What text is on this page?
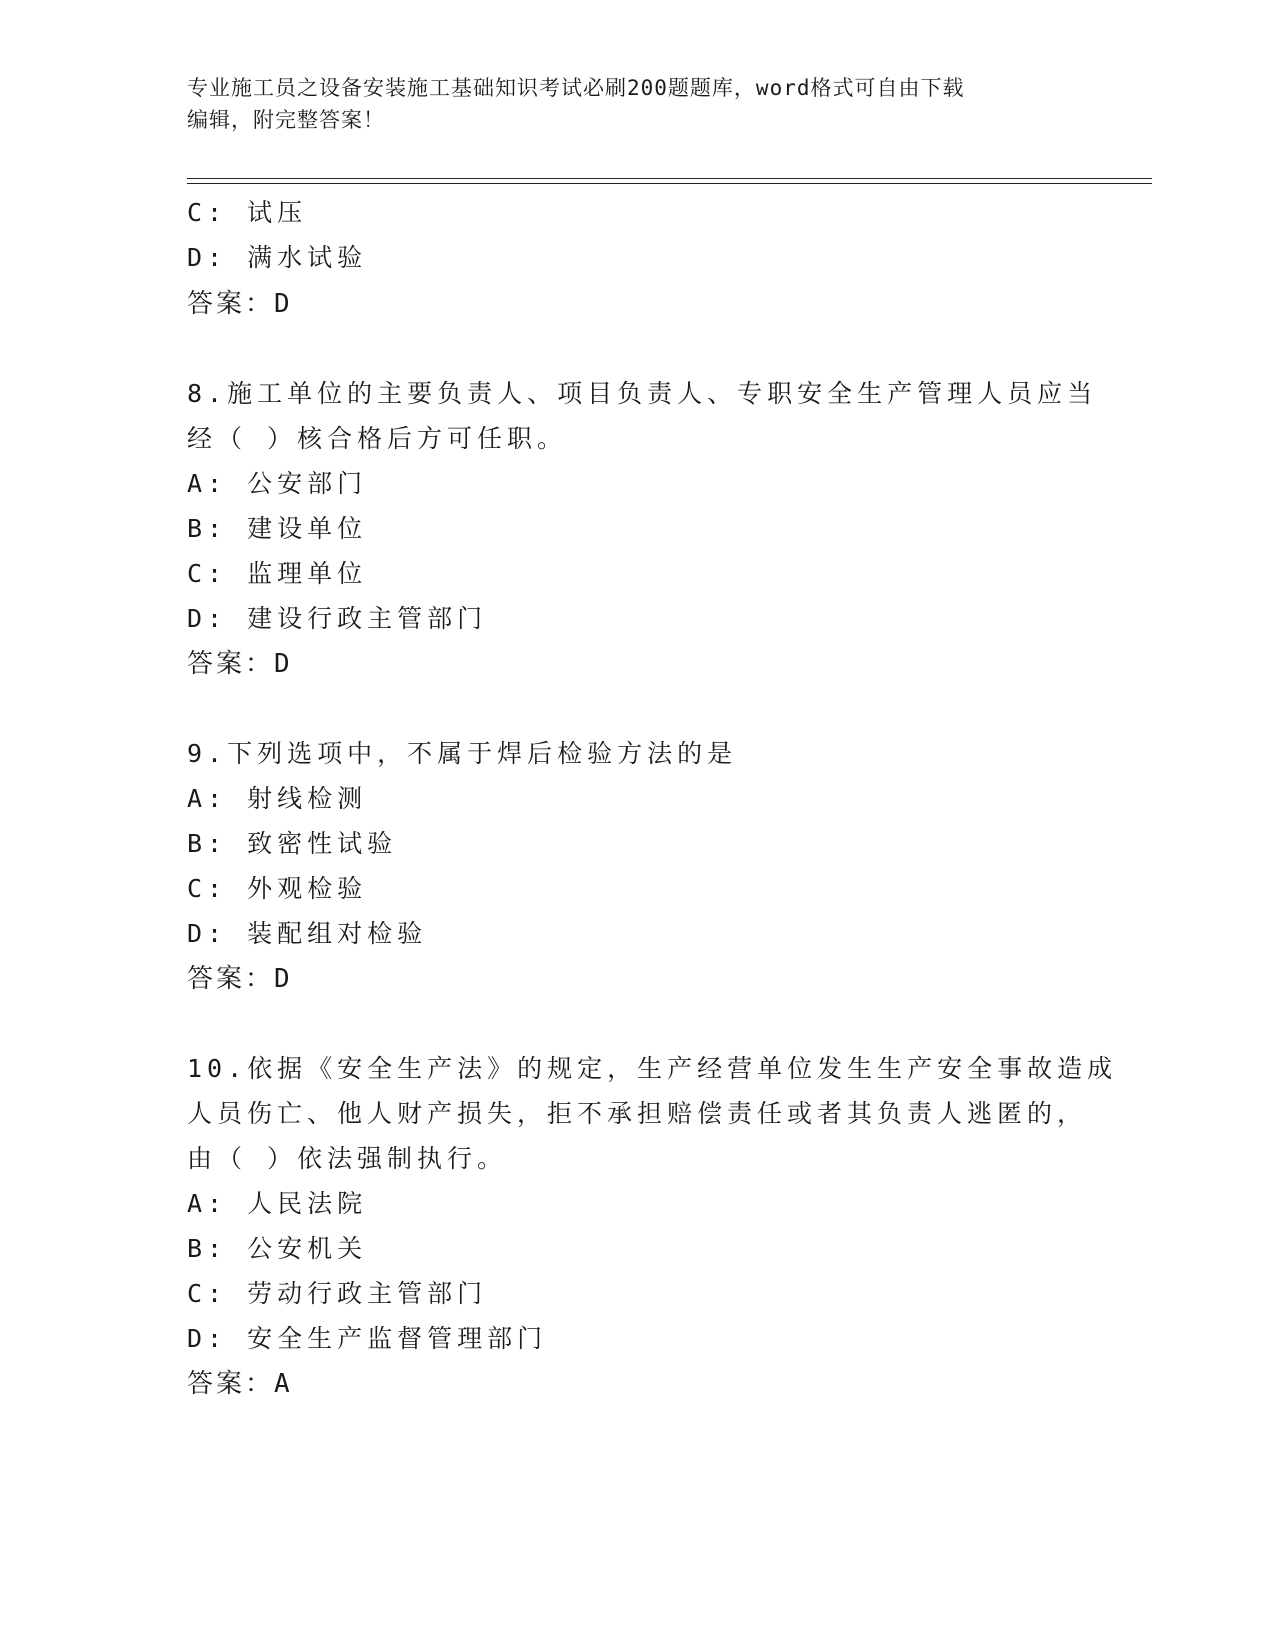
专业施工员之设备安装施工基础知识考试必刷200题题库，word格式可自由下载
编辑，附完整答案！
C: 试压
D: 满水试验
答案：D
8.施工单位的主要负责人、项目负责人、专职安全生产管理人员应当
经（ ）核合格后方可任职。
A: 公安部门
B: 建设单位
C: 监理单位
D: 建设行政主管部门
答案：D
9.下列选项中，不属于焊后检验方法的是
A: 射线检测
B: 致密性试验
C: 外观检验
D: 装配组对检验
答案：D
10.依据《安全生产法》的规定，生产经营单位发生生产安全事故造成
人员伤亡、他人财产损失，拒不承担赔偿责任或者其负责人逃匿的，
由（ ）依法强制执行。
A: 人民法院
B: 公安机关
C: 劳动行政主管部门
D: 安全生产监督管理部门
答案：A
